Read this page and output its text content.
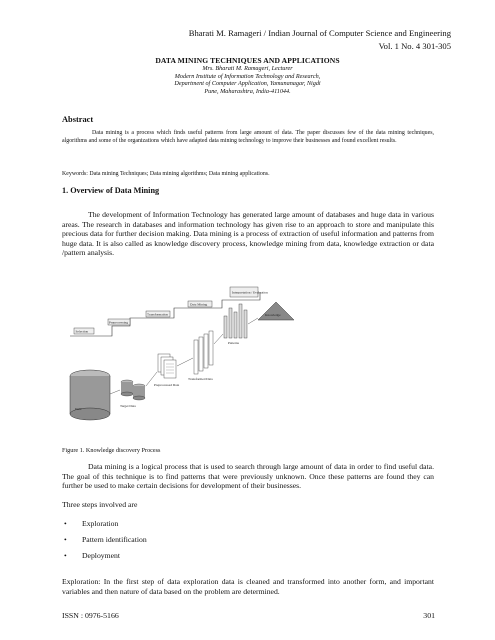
Bharati M. Ramageri / Indian Journal of Computer Science and Engineering
Vol. 1 No. 4 301-305
DATA MINING TECHNIQUES AND APPLICATIONS
Mrs. Bharati M. Ramageri, Lecturer
Modern Institute of Information Technology and Research,
Department of Computer Application, Yamunanagar, Nigdi
Pune, Maharashtra, India-411044.
Abstract
Data mining is a process which finds useful patterns from large amount of data. The paper discusses few of the data mining techniques, algorithms and some of the organizations which have adapted data mining technology to improve their businesses and found excellent results.
Keywords: Data mining Techniques; Data mining algorithms; Data mining applications.
1. Overview of Data Mining
The development of Information Technology has generated large amount of databases and huge data in various areas. The research in databases and information technology has given rise to an approach to store and manipulate this precious data for further decision making. Data mining is a process of extraction of useful information and patterns from huge data. It is also called as knowledge discovery process, knowledge mining from data, knowledge extraction or data /pattern analysis.
Selection
Preprocessing
Transformation
Data Mining
Interpretation / Evaluation
Data
Target Data
Preprocessed Data
Transformed Data
Patterns
Knowledge
Figure 1. Knowledge discovery Process
Data mining is a logical process that is used to search through large amount of data in order to find useful data. The goal of this technique is to find patterns that were previously unknown. Once these patterns are found they can further be used to make certain decisions for development of their businesses.
Three steps involved are
• Exploration
• Pattern identification
• Deployment
Exploration: In the first step of data exploration data is cleaned and transformed into another form, and important variables and then nature of data based on the problem are determined.
ISSN : 0976-5166	301
